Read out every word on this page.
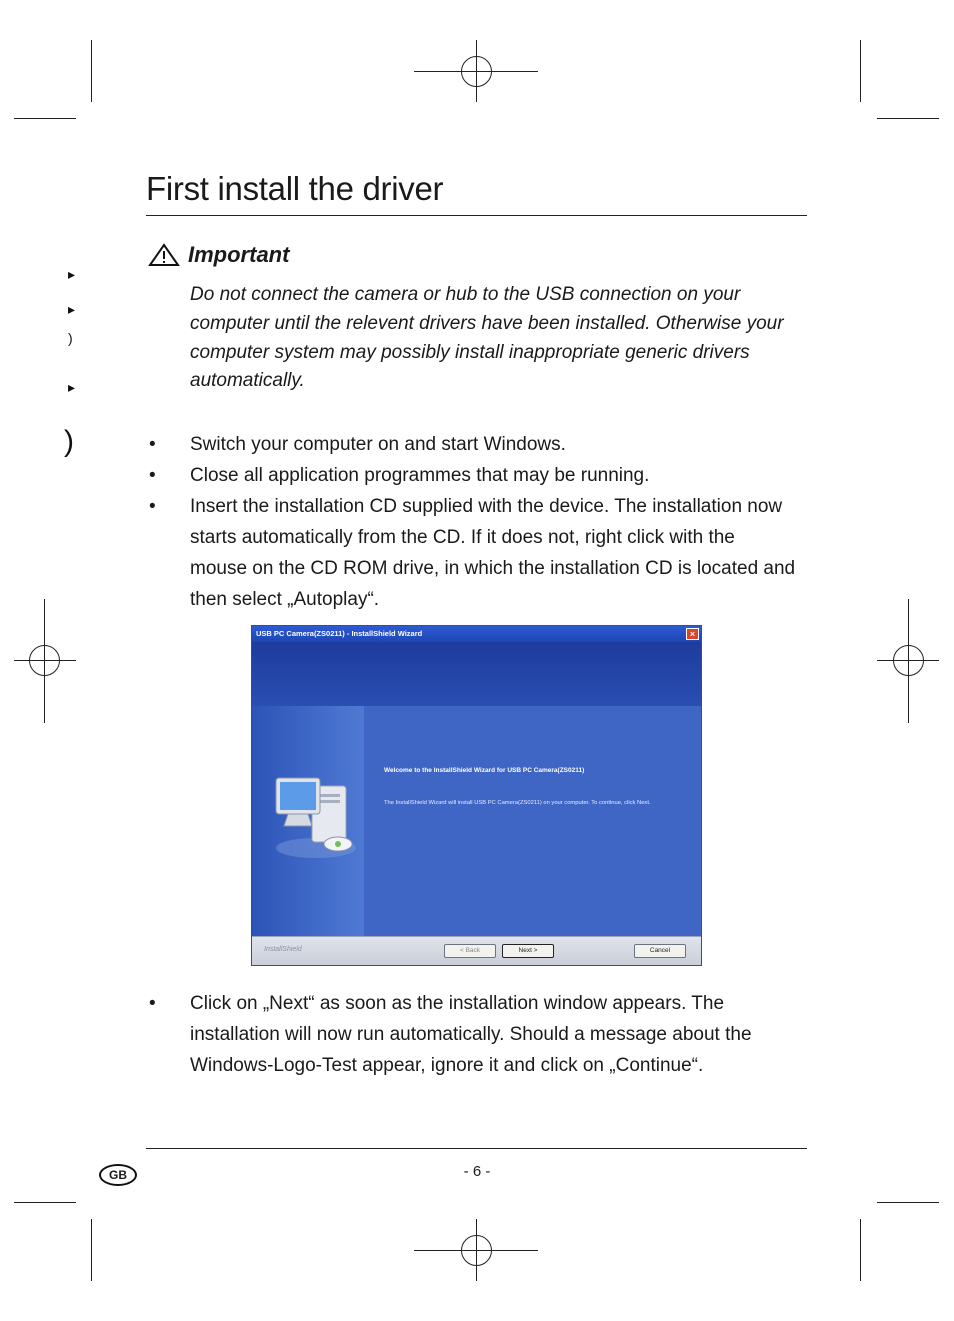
▸
▸
)
▸
)
First install the driver
Important
Do not connect the camera or hub to the USB connection on your computer until the relevent drivers have been installed. Otherwise your computer system may possibly install inappropriate generic drivers automatically.
• Switch your computer on and start Windows.
• Close all application programmes that may be running.
• Insert the installation CD supplied with the device. The installation now starts automatically from the CD. If it does not, right click with the mouse on the CD ROM drive, in which the installation CD is located and then select „Autoplay“.
USB PC Camera(ZS0211) - InstallShield Wizard	×
Welcome to the InstallShield Wizard for USB PC Camera(ZS0211)
The InstallShield Wizard will install USB PC Camera(ZS0211) on your computer. To continue, click Next.
InstallShield	< Back	Next >	Cancel
• Click on „Next“ as soon as the installation window appears. The installation will now run automatically. Should a message about the Windows-Logo-Test appear, ignore it and click on „Continue“.
GB	- 6 -
